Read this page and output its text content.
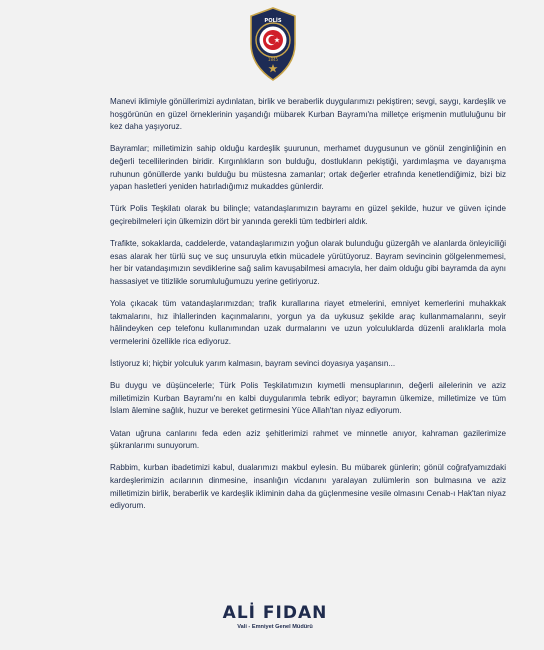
POLİS
1845

Manevi iklimiyle gönüllerimizi aydınlatan, birlik ve beraberlik duygularımızı pekiştiren; sevgi, saygı, kardeşlik ve hoşgörünün en güzel örneklerinin yaşandığı mübarek Kurban Bayramı'na milletçe erişmenin mutluluğunu bir kez daha yaşıyoruz.

Bayramlar; milletimizin sahip olduğu kardeşlik şuurunun, merhamet duygusunun ve gönül zenginliğinin en değerli tecellilerinden biridir. Kırgınlıkların son bulduğu, dostlukların pekiştiği, yardımlaşma ve dayanışma ruhunun gönüllerde yankı bulduğu bu müstesna zamanlar; ortak değerler etrafında kenetlendiğimiz, bizi biz yapan hasletleri yeniden hatırladığımız mukaddes günlerdir.

Türk Polis Teşkilatı olarak bu bilinçle; vatandaşlarımızın bayramı en güzel şekilde, huzur ve güven içinde geçirebilmeleri için ülkemizin dört bir yanında gerekli tüm tedbirleri aldık.

Trafikte, sokaklarda, caddelerde, vatandaşlarımızın yoğun olarak bulunduğu güzergâh ve alanlarda önleyiciliği esas alarak her türlü suç ve suç unsuruyla etkin mücadele yürütüyoruz. Bayram sevincinin gölgelenmemesi, her bir vatandaşımızın sevdiklerine sağ salim kavuşabilmesi amacıyla, her daim olduğu gibi bayramda da aynı hassasiyet ve titizlikle sorumluluğumuzu yerine getiriyoruz.

Yola çıkacak tüm vatandaşlarımızdan; trafik kurallarına riayet etmelerini, emniyet kemerlerini muhakkak takmalarını, hız ihlallerinden kaçınmalarını, yorgun ya da uykusuz şekilde araç kullanmamalarını, seyir hâlindeyken cep telefonu kullanımından uzak durmalarını ve uzun yolculuklarda düzenli aralıklarla mola vermelerini özellikle rica ediyoruz.

İstiyoruz ki; hiçbir yolculuk yarım kalmasın, bayram sevinci doyasıya yaşansın...

Bu duygu ve düşüncelerle; Türk Polis Teşkilatımızın kıymetli mensuplarının, değerli ailelerinin ve aziz milletimizin Kurban Bayramı'nı en kalbi duygularımla tebrik ediyor; bayramın ülkemize, milletimize ve tüm İslam âlemine sağlık, huzur ve bereket getirmesini Yüce Allah'tan niyaz ediyorum.

Vatan uğruna canlarını feda eden aziz şehitlerimizi rahmet ve minnetle anıyor, kahraman gazilerimize şükranlarımı sunuyorum.

Rabbim, kurban ibadetimizi kabul, dualarımızı makbul eylesin. Bu mübarek günlerin; gönül coğrafyamızdaki kardeşlerimizin acılarının dinmesine, insanlığın vicdanını yaralayan zulümlerin son bulmasına ve aziz milletimizin birlik, beraberlik ve kardeşlik ikliminin daha da güçlenmesine vesile olmasını Cenab-ı Hak'tan niyaz ediyorum.

ALİ FIDAN
Vali - Emniyet Genel Müdürü
